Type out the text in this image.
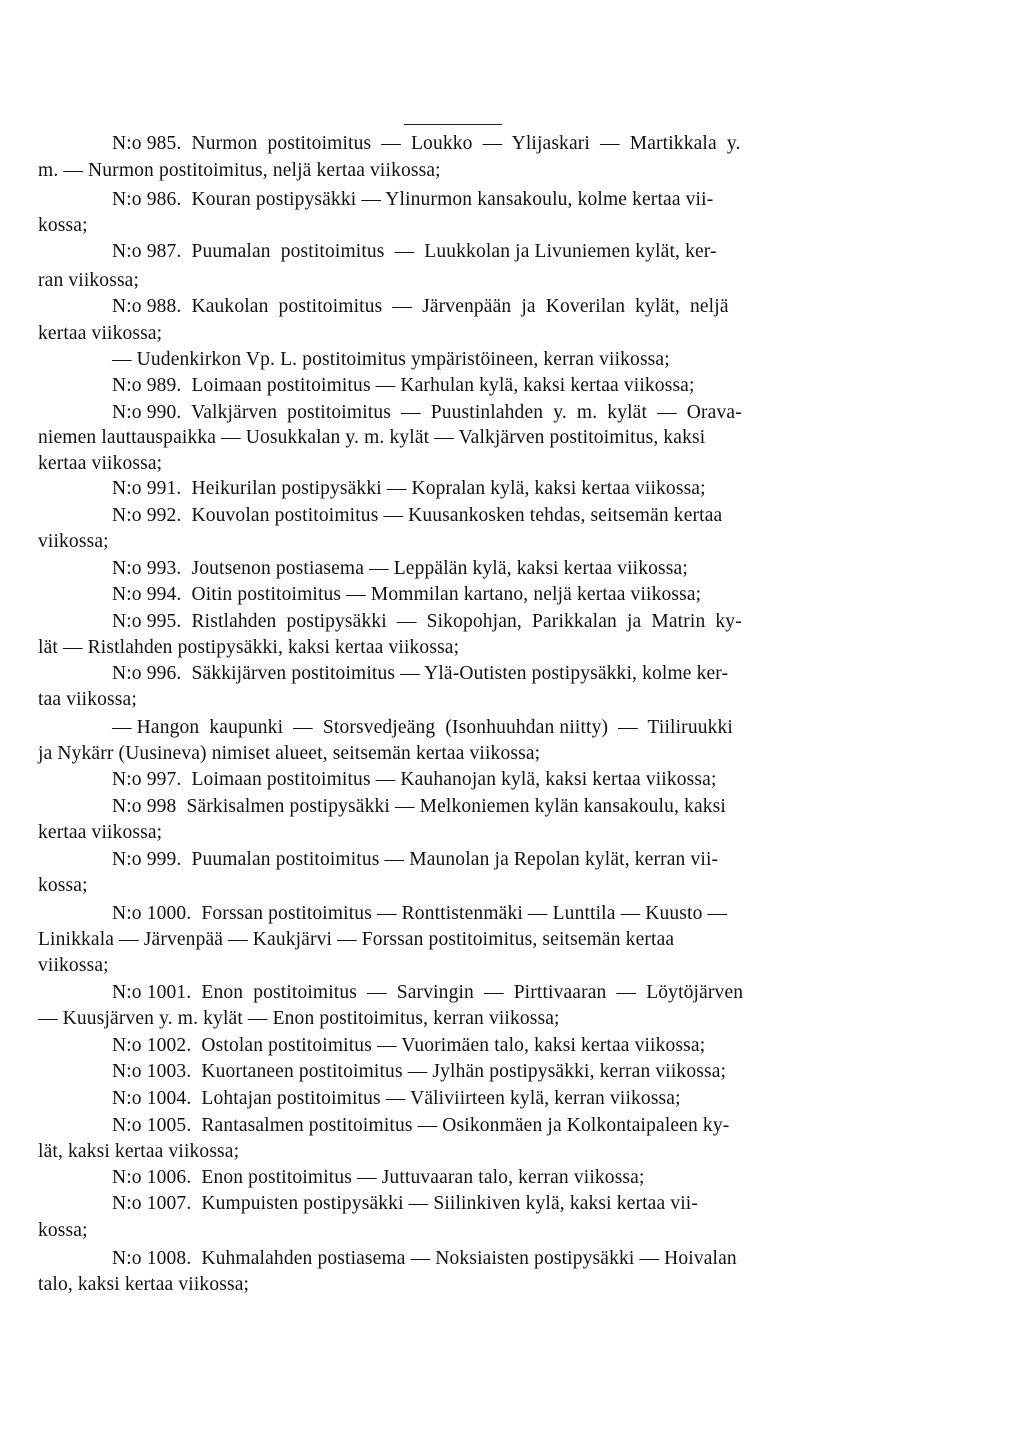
N:o 985.  Nurmon  postitoimitus  —  Loukko  —  Ylijaskari  —  Martikkala  y.
m. — Nurmon postitoimitus, neljä kertaa viikossa;
N:o 986.  Kouran postipysäkki — Ylinurmon kansakoulu, kolme kertaa vii-
kossa;
N:o 987.  Puumalan  postitoimitus  —  Luukkolan ja Livuniemen kylät, ker-
ran viikossa;
N:o 988.  Kaukolan  postitoimitus  —  Järvenpään  ja  Koverilan  kylät,  neljä
kertaa viikossa;
— Uudenkirkon Vp. L. postitoimitus ympäristöineen, kerran viikossa;
N:o 989.  Loimaan postitoimitus — Karhulan kylä, kaksi kertaa viikossa;
N:o 990.  Valkjärven  postitoimitus  —  Puustinlahden  y.  m.  kylät  —  Orava-
niemen lauttauspaikka — Uosukkalan y. m. kylät — Valkjärven postitoimitus, kaksi
kertaa viikossa;
N:o 991.  Heikurilan postipysäkki — Kopralan kylä, kaksi kertaa viikossa;
N:o 992.  Kouvolan postitoimitus — Kuusankosken tehdas, seitsemän kertaa
viikossa;
N:o 993.  Joutsenon postiasema — Leppälän kylä, kaksi kertaa viikossa;
N:o 994.  Oitin postitoimitus — Mommilan kartano, neljä kertaa viikossa;
N:o 995.  Ristlahden  postipysäkki  —  Sikopohjan,  Parikkalan  ja  Matrin  ky-
lät — Ristlahden postipysäkki, kaksi kertaa viikossa;
N:o 996.  Säkkijärven postitoimitus — Ylä-Outisten postipysäkki, kolme ker-
taa viikossa;
— Hangon  kaupunki  —  Storsvedjeäng  (Isonhuuhdan niitty)  —  Tiiliruukki
ja Nykärr (Uusineva) nimiset alueet, seitsemän kertaa viikossa;
N:o 997.  Loimaan postitoimitus — Kauhanojan kylä, kaksi kertaa viikossa;
N:o 998  Särkisalmen postipysäkki — Melkoniemen kylän kansakoulu, kaksi
kertaa viikossa;
N:o 999.  Puumalan postitoimitus — Maunolan ja Repolan kylät, kerran vii-
kossa;
N:o 1000.  Forssan postitoimitus — Ronttistenmäki — Lunttila — Kuusto —
Linikkala — Järvenpää — Kaukjärvi — Forssan postitoimitus, seitsemän kertaa
viikossa;
N:o 1001.  Enon  postitoimitus  —  Sarvingin  —  Pirttivaaran  —  Löytöjärven
— Kuusjärven y. m. kylät — Enon postitoimitus, kerran viikossa;
N:o 1002.  Ostolan postitoimitus — Vuorimäen talo, kaksi kertaa viikossa;
N:o 1003.  Kuortaneen postitoimitus — Jylhän postipysäkki, kerran viikossa;
N:o 1004.  Lohtajan postitoimitus — Väliviirteen kylä, kerran viikossa;
N:o 1005.  Rantasalmen postitoimitus — Osikonmäen ja Kolkontaipaleen ky-
lät, kaksi kertaa viikossa;
N:o 1006.  Enon postitoimitus — Juttuvaaran talo, kerran viikossa;
N:o 1007.  Kumpuisten postipysäkki — Siilinkiven kylä, kaksi kertaa vii-
kossa;
N:o 1008.  Kuhmalahden postiasema — Noksiaisten postipysäkki — Hoivalan
talo, kaksi kertaa viikossa;
